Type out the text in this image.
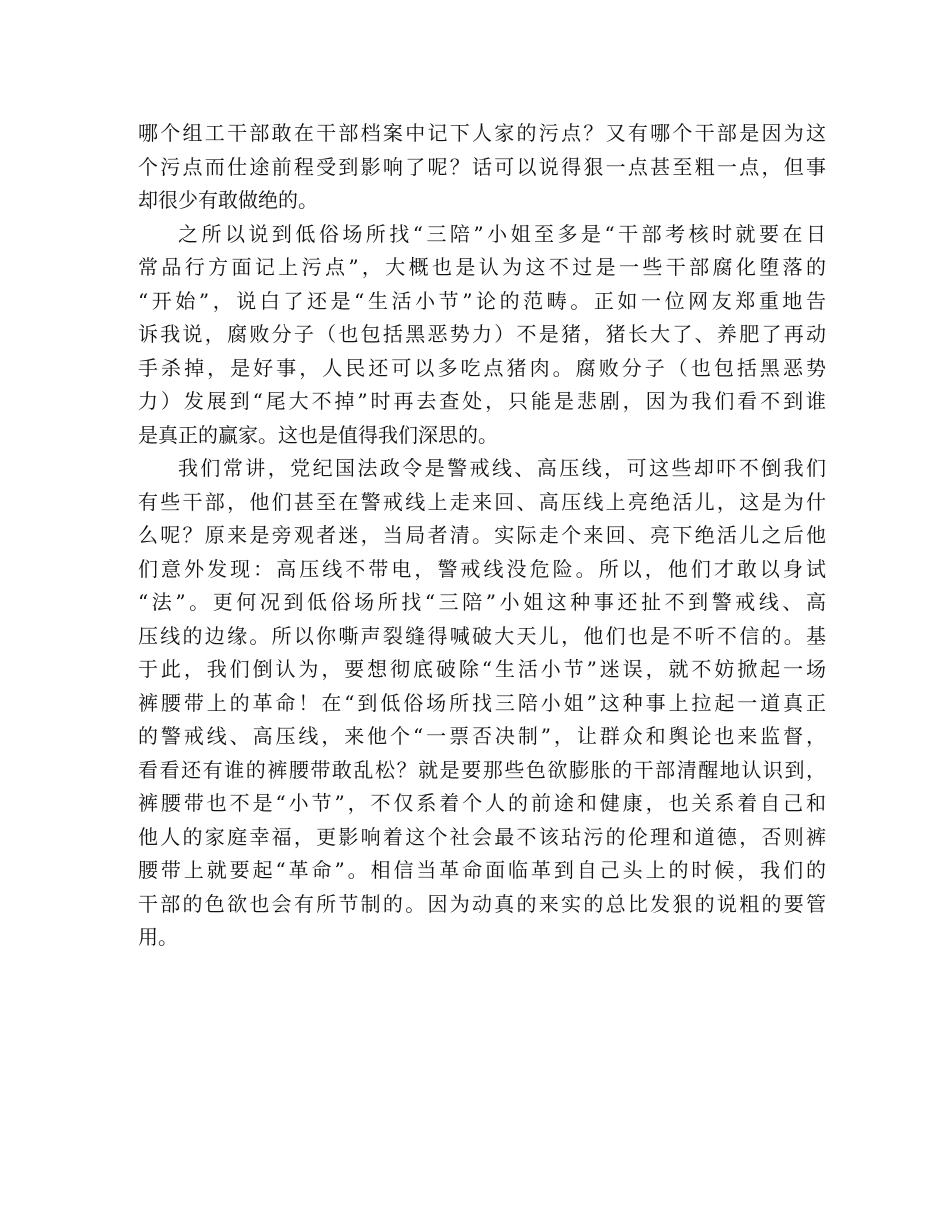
哪个组工干部敢在干部档案中记下人家的污点？又有哪个干部是因为这
个污点而仕途前程受到影响了呢？话可以说得狠一点甚至粗一点，但事
却很少有敢做绝的。
之所以说到低俗场所找“三陪”小姐至多是“干部考核时就要在日
常品行方面记上污点”，大概也是认为这不过是一些干部腐化堕落的
“开始”，说白了还是“生活小节”论的范畴。正如一位网友郑重地告
诉我说，腐败分子（也包括黑恶势力）不是猪，猪长大了、养肥了再动
手杀掉，是好事，人民还可以多吃点猪肉。腐败分子（也包括黑恶势
力）发展到“尾大不掉”时再去查处，只能是悲剧，因为我们看不到谁
是真正的赢家。这也是值得我们深思的。
我们常讲，党纪国法政令是警戒线、高压线，可这些却吓不倒我们
有些干部，他们甚至在警戒线上走来回、高压线上亮绝活儿，这是为什
么呢？原来是旁观者迷，当局者清。实际走个来回、亮下绝活儿之后他
们意外发现：高压线不带电，警戒线没危险。所以，他们才敢以身试
“法”。更何况到低俗场所找“三陪”小姐这种事还扯不到警戒线、高
压线的边缘。所以你嘶声裂缝得喊破大天儿，他们也是不听不信的。基
于此，我们倒认为，要想彻底破除“生活小节”迷误，就不妨掀起一场
裤腰带上的革命！在“到低俗场所找三陪小姐”这种事上拉起一道真正
的警戒线、高压线，来他个“一票否决制”，让群众和舆论也来监督，
看看还有谁的裤腰带敢乱松？就是要那些色欲膨胀的干部清醒地认识到，
裤腰带也不是“小节”，不仅系着个人的前途和健康，也关系着自己和
他人的家庭幸福，更影响着这个社会最不该玷污的伦理和道德，否则裤
腰带上就要起“革命”。相信当革命面临革到自己头上的时候，我们的
干部的色欲也会有所节制的。因为动真的来实的总比发狠的说粗的要管
用。
